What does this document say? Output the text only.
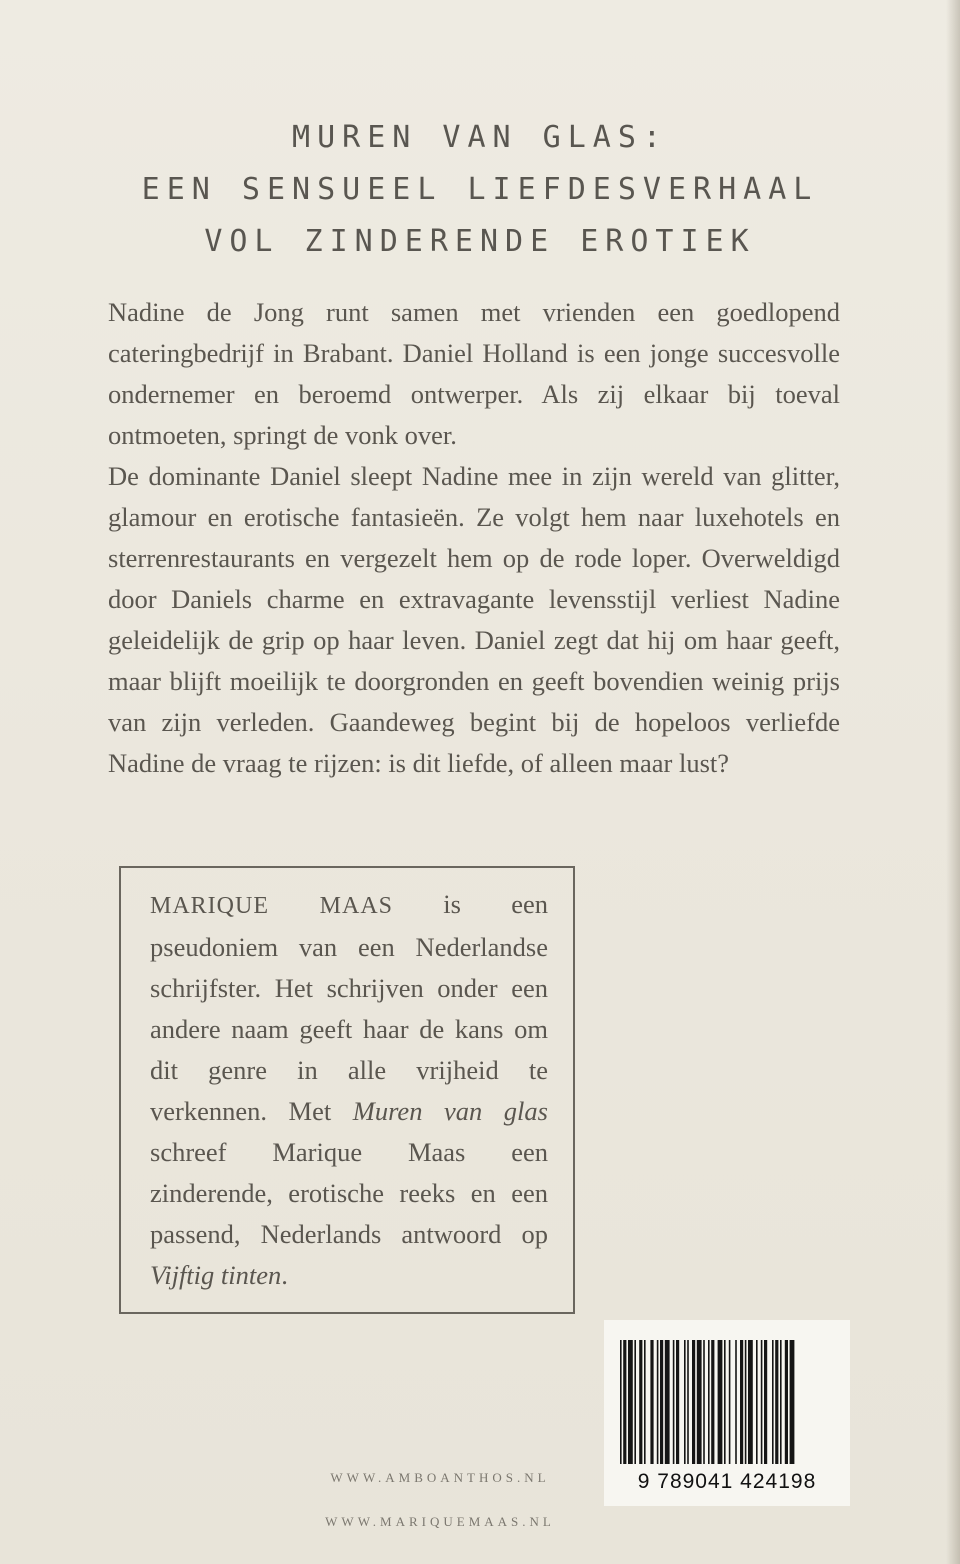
MUREN VAN GLAS:
EEN SENSUEEL LIEFDESVERHAAL
VOL ZINDERENDE EROTIEK

Nadine de Jong runt samen met vrienden een goedlopend cateringbedrijf in Brabant. Daniel Holland is een jonge succesvolle ondernemer en beroemd ontwerper. Als zij elkaar bij toeval ontmoeten, springt de vonk over.

De dominante Daniel sleept Nadine mee in zijn wereld van glitter, glamour en erotische fantasieën. Ze volgt hem naar luxehotels en sterrenrestaurants en vergezelt hem op de rode loper. Overweldigd door Daniels charme en extravagante levensstijl verliest Nadine geleidelijk de grip op haar leven. Daniel zegt dat hij om haar geeft, maar blijft moeilijk te doorgronden en geeft bovendien weinig prijs van zijn verleden. Gaandeweg begint bij de hopeloos verliefde Nadine de vraag te rijzen: is dit liefde, of alleen maar lust?

MARIQUE MAAS is een pseudoniem van een Nederlandse schrijfster. Het schrijven onder een andere naam geeft haar de kans om dit genre in alle vrijheid te verkennen. Met Muren van glas schreef Marique Maas een zinderende, erotische reeks en een passend, Nederlands antwoord op Vijftig tinten.
9 789041 424198
WWW.AMBOANTHOS.NL
WWW.MARIQUEMAAS.NL
